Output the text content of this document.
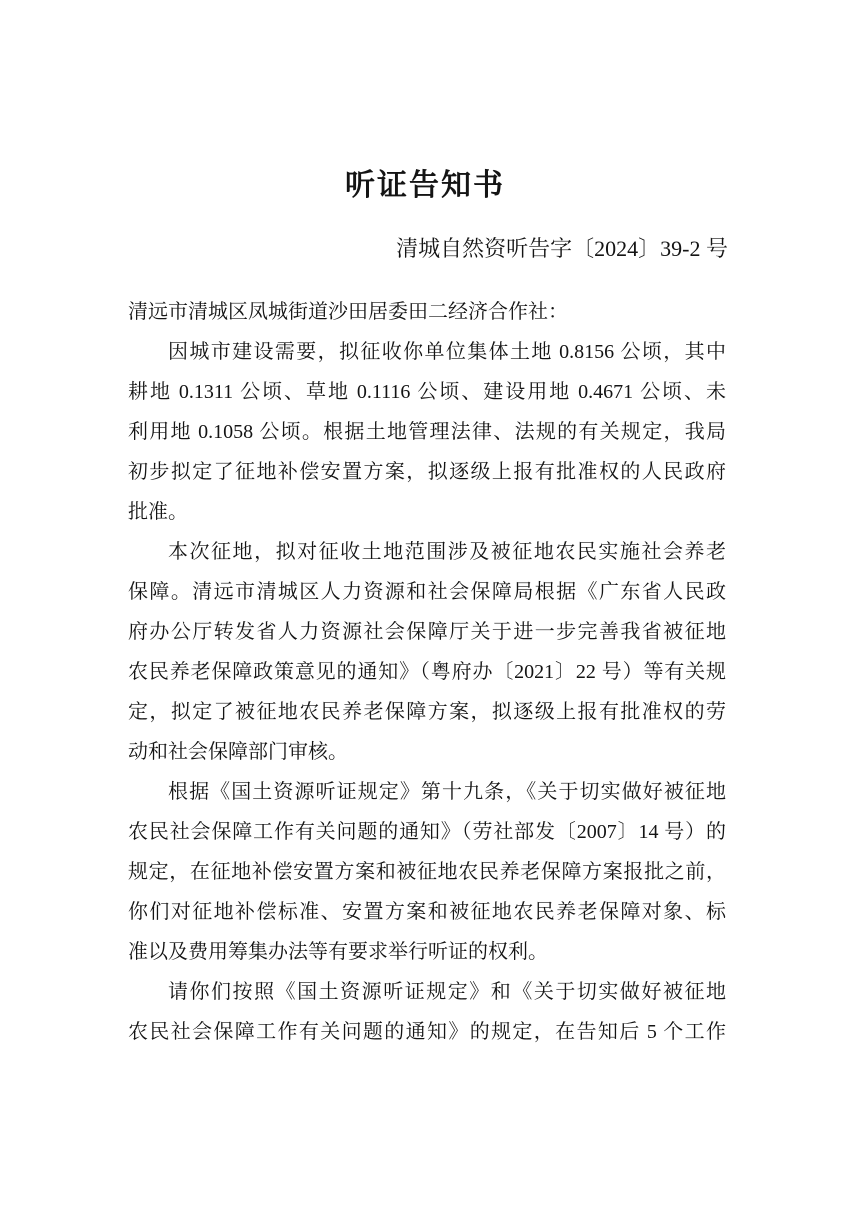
听证告知书
清城自然资听告字〔2024〕39-2 号
清远市清城区凤城街道沙田居委田二经济合作社：
因城市建设需要，拟征收你单位集体土地 0.8156 公顷，其中
耕地 0.1311 公顷、草地 0.1116 公顷、建设用地 0.4671 公顷、未
利用地 0.1058 公顷。根据土地管理法律、法规的有关规定，我局
初步拟定了征地补偿安置方案，拟逐级上报有批准权的人民政府
批准。
本次征地，拟对征收土地范围涉及被征地农民实施社会养老
保障。清远市清城区人力资源和社会保障局根据《广东省人民政
府办公厅转发省人力资源社会保障厅关于进一步完善我省被征地
农民养老保障政策意见的通知》（粤府办〔2021〕22 号）等有关规
定，拟定了被征地农民养老保障方案，拟逐级上报有批准权的劳
动和社会保障部门审核。
根据《国土资源听证规定》第十九条，《关于切实做好被征地
农民社会保障工作有关问题的通知》（劳社部发〔2007〕14 号）的
规定，在征地补偿安置方案和被征地农民养老保障方案报批之前，
你们对征地补偿标准、安置方案和被征地农民养老保障对象、标
准以及费用筹集办法等有要求举行听证的权利。
请你们按照《国土资源听证规定》和《关于切实做好被征地
农民社会保障工作有关问题的通知》的规定，在告知后 5 个工作
